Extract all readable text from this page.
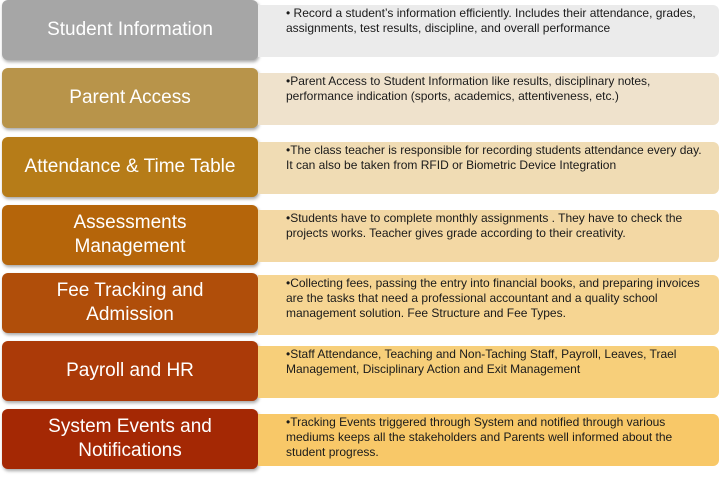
Student Information
• Record a student’s information efficiently. Includes their attendance, grades, assignments, test results, discipline, and overall performance
Parent Access
•Parent Access to Student Information like results, disciplinary notes, performance indication (sports, academics, attentiveness, etc.)
Attendance & Time Table
•The class teacher is responsible for recording students attendance every day. It can also be taken from RFID or Biometric Device Integration
Assessments
Management
•Students have to complete monthly assignments . They have to check the projects works. Teacher gives grade according to their creativity.
Fee Tracking and
Admission
•Collecting fees, passing the entry into financial books, and preparing invoices are the tasks that need a professional accountant and a quality school management solution. Fee Structure and Fee Types.
Payroll and HR
•Staff Attendance, Teaching and Non-Taching Staff, Payroll, Leaves, Trael Management, Disciplinary Action and Exit Management
System Events and
Notifications
•Tracking Events triggered through System and notified through various mediums keeps all the stakeholders and Parents well informed about the student progress.
